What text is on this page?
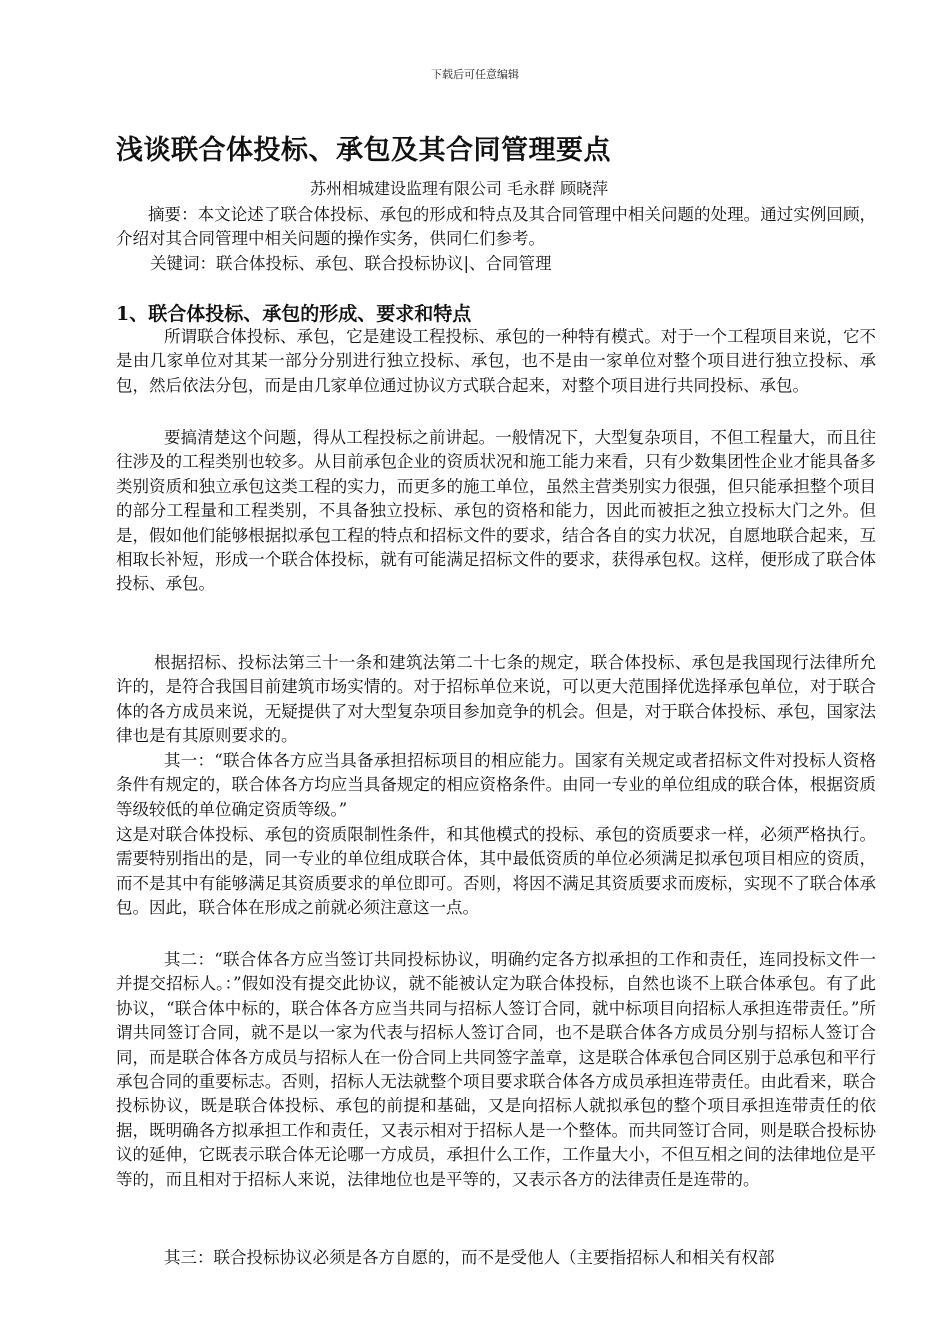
下载后可任意编辑
浅谈联合体投标、承包及其合同管理要点
苏州相城建设监理有限公司 毛永群 顾晓萍
摘要：本文论述了联合体投标、承包的形成和特点及其合同管理中相关问题的处理。通过实例回顾，介绍对其合同管理中相关问题的操作实务，供同仁们参考。
关键词：联合体投标、承包、联合投标协议|、合同管理
1、联合体投标、承包的形成、要求和特点
所谓联合体投标、承包，它是建设工程投标、承包的一种特有模式。对于一个工程项目来说，它不是由几家单位对其某一部分分别进行独立投标、承包，也不是由一家单位对整个项目进行独立投标、承包，然后依法分包，而是由几家单位通过协议方式联合起来，对整个项目进行共同投标、承包。
要搞清楚这个问题，得从工程投标之前讲起。一般情况下，大型复杂项目，不但工程量大，而且往往涉及的工程类别也较多。从目前承包企业的资质状况和施工能力来看，只有少数集团性企业才能具备多类别资质和独立承包这类工程的实力，而更多的施工单位，虽然主营类别实力很强，但只能承担整个项目的部分工程量和工程类别，不具备独立投标、承包的资格和能力，因此而被拒之独立投标大门之外。但是，假如他们能够根据拟承包工程的特点和招标文件的要求，结合各自的实力状况，自愿地联合起来，互相取长补短，形成一个联合体投标，就有可能满足招标文件的要求，获得承包权。这样，便形成了联合体投标、承包。
根据招标、投标法第三十一条和建筑法第二十七条的规定，联合体投标、承包是我国现行法律所允许的，是符合我国目前建筑市场实情的。对于招标单位来说，可以更大范围择优选择承包单位，对于联合体的各方成员来说，无疑提供了对大型复杂项目参加竞争的机会。但是，对于联合体投标、承包，国家法律也是有其原则要求的。
其一：“联合体各方应当具备承担招标项目的相应能力。国家有关规定或者招标文件对投标人资格条件有规定的，联合体各方均应当具备规定的相应资格条件。由同一专业的单位组成的联合体，根据资质等级较低的单位确定资质等级。”
这是对联合体投标、承包的资质限制性条件，和其他模式的投标、承包的资质要求一样，必须严格执行。需要特别指出的是，同一专业的单位组成联合体，其中最低资质的单位必须满足拟承包项目相应的资质，而不是其中有能够满足其资质要求的单位即可。否则，将因不满足其资质要求而废标，实现不了联合体承包。因此，联合体在形成之前就必须注意这一点。
其二：“联合体各方应当签订共同投标协议，明确约定各方拟承担的工作和责任，连同投标文件一并提交招标人。：”假如没有提交此协议，就不能被认定为联合体投标，自然也谈不上联合体承包。有了此协议，“联合体中标的，联合体各方应当共同与招标人签订合同，就中标项目向招标人承担连带责任。”所谓共同签订合同，就不是以一家为代表与招标人签订合同，也不是联合体各方成员分别与招标人签订合同，而是联合体各方成员与招标人在一份合同上共同签字盖章，这是联合体承包合同区别于总承包和平行承包合同的重要标志。否则，招标人无法就整个项目要求联合体各方成员承担连带责任。由此看来，联合投标协议，既是联合体投标、承包的前提和基础，又是向招标人就拟承包的整个项目承担连带责任的依据，既明确各方拟承担工作和责任，又表示相对于招标人是一个整体。而共同签订合同，则是联合投标协议的延伸，它既表示联合体无论哪一方成员，承担什么工作，工作量大小，不但互相之间的法律地位是平等的，而且相对于招标人来说，法律地位也是平等的，又表示各方的法律责任是连带的。
其三：联合投标协议必须是各方自愿的，而不是受他人（主要指招标人和相关有权部
